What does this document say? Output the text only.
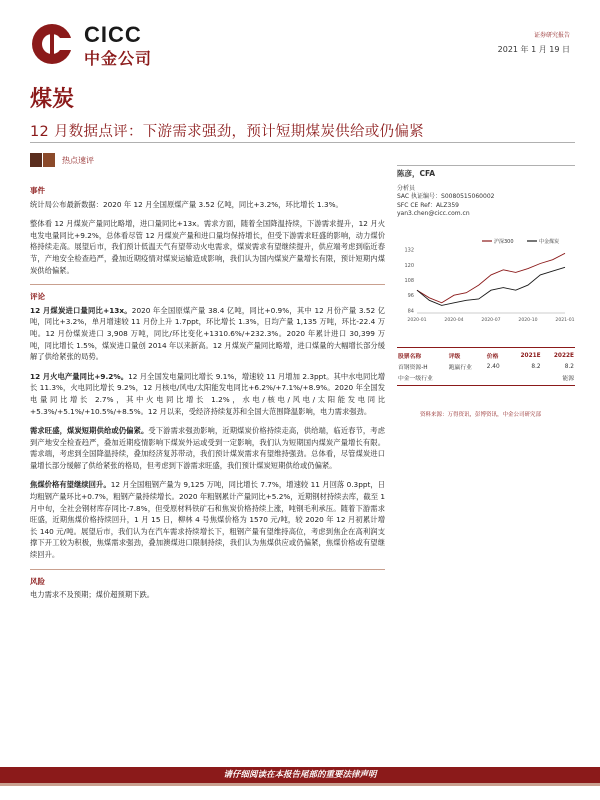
CICC
中金公司
证券研究报告
2021 年 1 月 19 日
煤炭
12 月数据点评：下游需求强劲，预计短期煤炭供给或仍偏紧
热点速评
事件
统计局公布最新数据：2020 年 12 月全国原煤产量 3.52 亿吨，同比+3.2%，环比增长 1.3%。
整体看 12 月煤炭产量同比略增，进口量同比+13x。需求方面，随着全国降温持续，下游需求提升，12 月火电发电量同比+9.2%，总体看尽管 12 月煤炭产量和进口量均保持增长，但受下游需求旺盛的影响，动力煤价格持续走高。展望后市，我们预计低温天气有望带动火电需求，煤炭需求有望继续提升，供应端考虑到临近春节，产地安全检查趋严，叠加近期疫情对煤炭运输造成影响，我们认为国内煤炭产量增长有限，预计短期内煤炭供给偏紧。
评论
12 月煤炭进口量同比+13x。2020 年全国原煤产量 38.4 亿吨，同比+0.9%，其中 12 月份产量 3.52 亿吨，同比+3.2%，单月增速较 11 月份上升 1.7ppt，环比增长 1.3%，日均产量 1,135 万吨，环比-22.4 万吨。12 月份煤炭进口 3,908 万吨，同比/环比变化+1310.6%/+232.3%。2020 年累计进口 30,399 万吨，同比增长 1.5%，煤炭进口量创 2014 年以来新高。12 月煤炭产量同比略增，进口煤量的大幅增长部分缓解了供给紧张的局势。
12 月火电产量同比+9.2%。12 月全国发电量同比增长 9.1%，增速较 11 月增加 2.3ppt。其中水电同比增长 11.3%，火电同比增长 9.2%，12 月核电/风电/太阳能发电同比+6.2%/+7.1%/+8.9%。2020 年全国发电量同比增长 2.7%，其中火电同比增长 1.2%，水电/核电/风电/太阳能发电同比+5.3%/+5.1%/+10.5%/+8.5%。12 月以来，受经济持续复苏和全国大范围降温影响，电力需求强劲。
需求旺盛，煤炭短期供给或仍偏紧。受下游需求强劲影响，近期煤炭价格持续走高，供给端，临近春节，考虑到产地安全检查趋严，叠加近期疫情影响下煤炭外运或受到一定影响，我们认为短期国内煤炭产量增长有限。需求端，考虑到全国降温持续，叠加经济复苏带动，我们预计煤炭需求有望维持强劲。总体看，尽管煤炭进口量增长部分缓解了供给紧张的格局，但考虑到下游需求旺盛，我们预计煤炭短期供给或仍偏紧。
焦煤价格有望继续回升。12 月全国粗钢产量为 9,125 万吨，同比增长 7.7%，增速较 11 月回落 0.3ppt，日均粗钢产量环比+0.7%，粗钢产量持续增长。2020 年粗钢累计产量同比+5.2%，近期钢材持续去库，截至 1 月中旬，全社会钢材库存同比-7.8%，但受原材料铁矿石和焦炭价格持续上涨，吨钢毛利承压。随着下游需求旺盛，近期焦煤价格持续回升，1 月 15 日，柳林 4 号焦煤价格为 1570 元/吨，较 2020 年 12 月初累计增长 140 元/吨。展望后市，我们认为在汽车需求持续增长下，粗钢产量有望维持高位，考虑到焦企在高利润支撑下开工较为积极，焦煤需求强劲，叠加澳煤进口限制持续，我们认为焦煤供应或仍偏紧，焦煤价格或有望继续回升。
风险
电力需求不及预期；煤价超预期下跌。
陈彦，CFA
分析员
SAC 执证编号：S0080515060002
SFC CE Ref：ALZ359
yan3.chen@cicc.com.cn
沪深300	中金煤炭
84
96
108
120
132
2020-01	2020-04	2020-07	2020-10	2021-01
股票名称		评级	价格	2021E	2022E
首钢资源-H		跑赢行业	2.40	8.2	8.2
中金一级行业					能源
资料来源：万得资讯，彭博资讯，中金公司研究部
请仔细阅读在本报告尾部的重要法律声明
